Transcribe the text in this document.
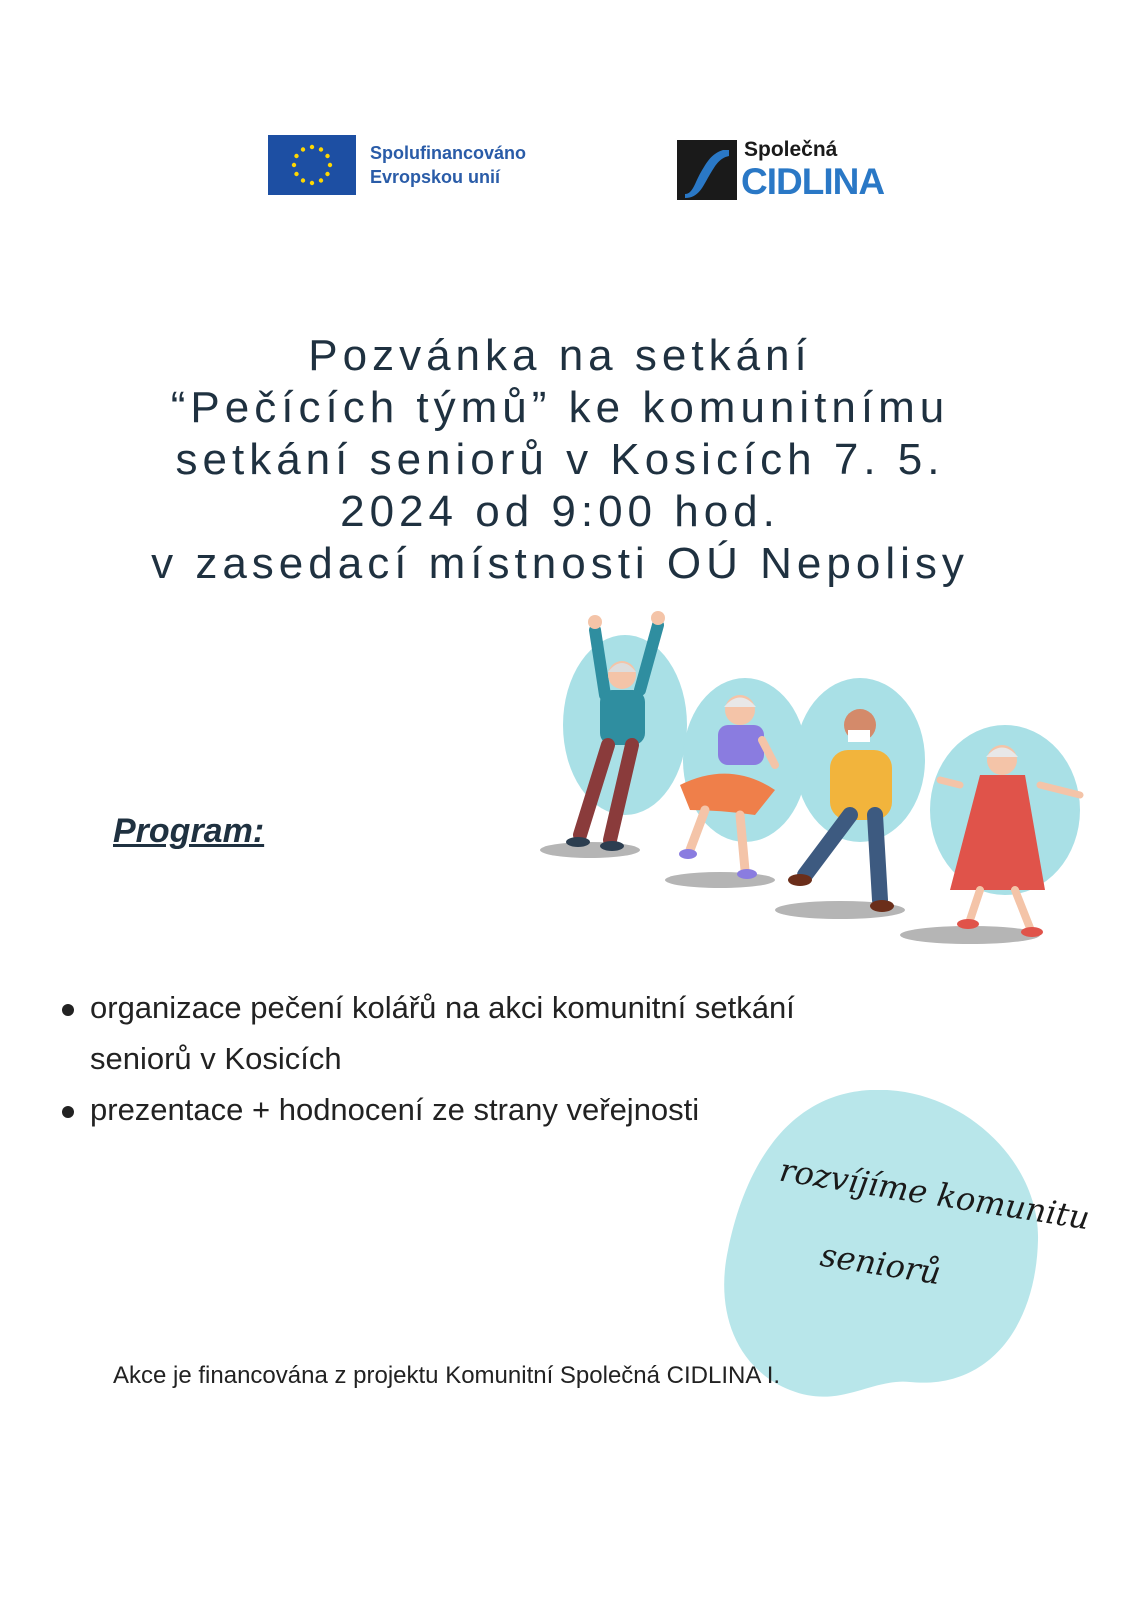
Spolufinancováno
Evropskou unií
Společná
CIDLINA
Pozvánka na setkání
“Pečících týmů” ke komunitnímu
setkání seniorů v Kosicích 7. 5.
2024 od 9:00 hod.
v zasedací místnosti OÚ Nepolisy
Program:
organizace pečení kolářů na akci komunitní setkání seniorů v Kosicích
prezentace + hodnocení ze strany veřejnosti
rozvíjíme komunitu
seniorů
Akce je financována z projektu Komunitní Společná CIDLINA I.
